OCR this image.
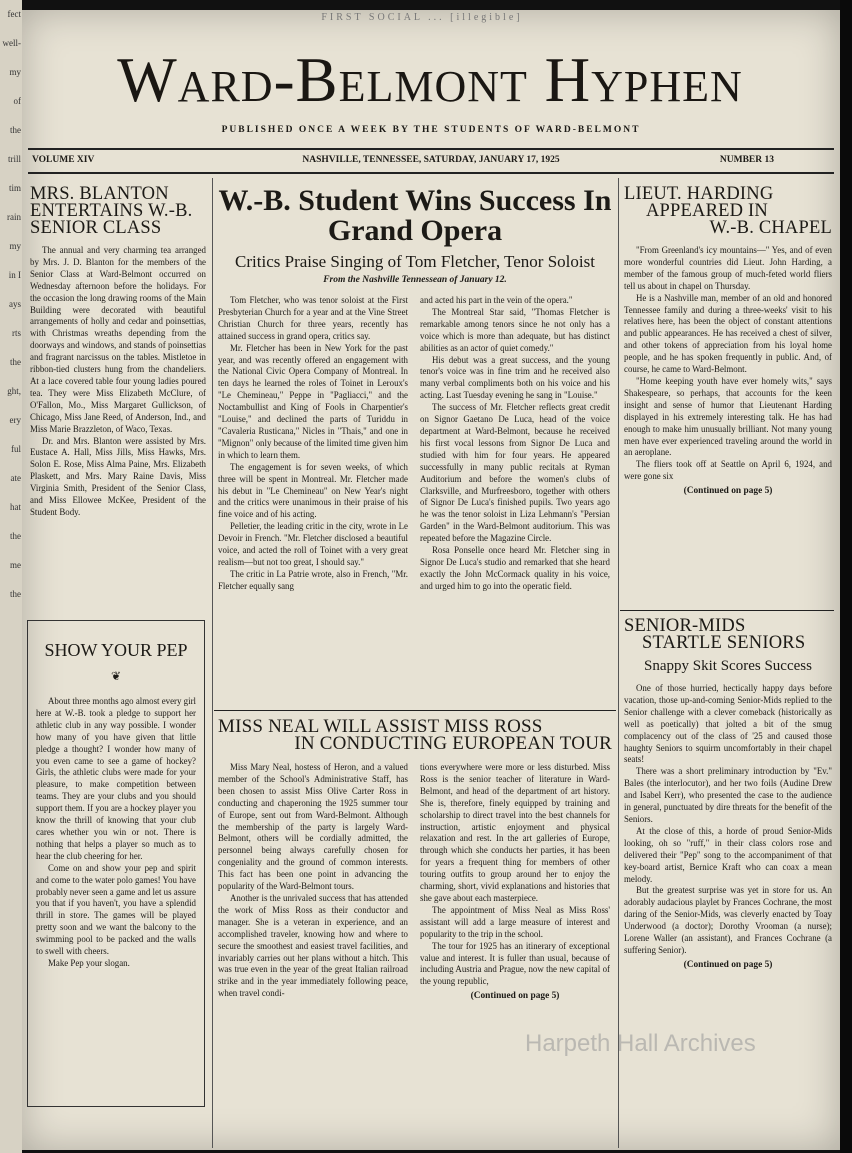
fect
well-
my
of
the
trill
tim
rain
my
in I
ays
rts
the
ght,
ery
ful
ate
hat
the
me
the
FIRST SOCIAL ... [illegible]
Ward-Belmont Hyphen
PUBLISHED ONCE A WEEK BY THE STUDENTS OF WARD-BELMONT
VOLUME XIV	NASHVILLE, TENNESSEE, SATURDAY, JANUARY 17, 1925	NUMBER 13
MRS. BLANTON ENTERTAINS W.-B. SENIOR CLASS

The annual and very charming tea arranged by Mrs. J. D. Blanton for the members of the Senior Class at Ward-Belmont occurred on Wednesday afternoon before the holidays. For the occasion the long drawing rooms of the Main Building were decorated with beautiful arrangements of holly and cedar and poinsettias, with Christmas wreaths depending from the doorways and windows, and stands of poinsettias and fragrant narcissus on the tables. Mistletoe in ribbon-tied clusters hung from the chandeliers. At a lace covered table four young ladies poured tea. They were Miss Elizabeth McClure, of O'Fallon, Mo., Miss Margaret Gullickson, of Chicago, Miss Jane Reed, of Anderson, Ind., and Miss Marie Brazzleton, of Waco, Texas.

Dr. and Mrs. Blanton were assisted by Mrs. Eustace A. Hall, Miss Jills, Miss Hawks, Mrs. Solon E. Rose, Miss Alma Paine, Mrs. Elizabeth Plaskett, and Mrs. Mary Raine Davis, Miss Virginia Smith, President of the Senior Class, and Miss Ellowee McKee, President of the Student Body.

SHOW YOUR PEP
❦

About three months ago almost every girl here at W.-B. took a pledge to support her athletic club in any way possible. I wonder how many of you have given that little pledge a thought? I wonder how many of you even came to see a game of hockey? Girls, the athletic clubs were made for your pleasure, to make competition between teams. They are your clubs and you should support them. If you are a hockey player you know the thrill of knowing that your club cares whether you win or not. There is nothing that helps a player so much as to hear the club cheering for her.

Come on and show your pep and spirit and come to the water polo games! You have probably never seen a game and let us assure you that if you haven't, you have a splendid thrill in store. The games will be played pretty soon and we want the balcony to the swimming pool to be packed and the walls to swell with cheers.

Make Pep your slogan.

W.-B. Student Wins Success In Grand Opera
Critics Praise Singing of Tom Fletcher, Tenor Soloist
From the Nashville Tennessean of January 12.

Tom Fletcher, who was tenor soloist at the First Presbyterian Church for a year and at the Vine Street Christian Church for three years, recently has attained success in grand opera, critics say.

Mr. Fletcher has been in New York for the past year, and was recently offered an engagement with the National Civic Opera Company of Montreal. In ten days he learned the roles of Toinet in Leroux's "Le Chemineau," Peppe in "Pagliacci," and the Noctambullist and King of Fools in Charpentier's "Louise," and declined the parts of Turiddu in "Cavaleria Rusticana," Nicles in "Thais," and one in "Mignon" only because of the limited time given him in which to learn them.

The engagement is for seven weeks, of which three will be spent in Montreal. Mr. Fletcher made his debut in "Le Chemineau" on New Year's night and the critics were unanimous in their praise of his fine voice and of his acting.

Pelletier, the leading critic in the city, wrote in Le Devoir in French. "Mr. Fletcher disclosed a beautiful voice, and acted the roll of Toinet with a very great realism—but not too great, I should say."

The critic in La Patrie wrote, also in French, "Mr. Fletcher equally sang

and acted his part in the vein of the opera."

The Montreal Star said, "Thomas Fletcher is remarkable among tenors since he not only has a voice which is more than adequate, but has distinct abilities as an actor of quiet comedy."

His debut was a great success, and the young tenor's voice was in fine trim and he received also many verbal compliments both on his voice and his acting. Last Tuesday evening he sang in "Louise."

The success of Mr. Fletcher reflects great credit on Signor Gaetano De Luca, head of the voice department at Ward-Belmont, because he received his first vocal lessons from Signor De Luca and studied with him for four years. He appeared successfully in many public recitals at Ryman Auditorium and before the women's clubs of Clarksville, and Murfreesboro, together with others of Signor De Luca's finished pupils. Two years ago he was the tenor soloist in Liza Lehmann's "Persian Garden" in the Ward-Belmont auditorium. This was repeated before the Magazine Circle.

Rosa Ponselle once heard Mr. Fletcher sing in Signor De Luca's studio and remarked that she heard exactly the John McCormack quality in his voice, and urged him to go into the operatic field.

MISS NEAL WILL ASSIST MISS ROSS
IN CONDUCTING EUROPEAN TOUR

Miss Mary Neal, hostess of Heron, and a valued member of the School's Administrative Staff, has been chosen to assist Miss Olive Carter Ross in conducting and chaperoning the 1925 summer tour of Europe, sent out from Ward-Belmont. Although the membership of the party is largely Ward-Belmont, others will be cordially admitted, the personnel being always carefully chosen for congeniality and the ground of common interests. This fact has been one point in advancing the popularity of the Ward-Belmont tours.

Another is the unrivaled success that has attended the work of Miss Ross as their conductor and manager. She is a veteran in experience, and an accomplished traveler, knowing how and where to secure the smoothest and easiest travel facilities, and invariably carries out her plans without a hitch. This was true even in the year of the great Italian railroad strike and in the year immediately following peace, when travel condi-

tions everywhere were more or less disturbed. Miss Ross is the senior teacher of literature in Ward-Belmont, and head of the department of art history. She is, therefore, finely equipped by training and scholarship to direct travel into the best channels for instruction, artistic enjoyment and physical relaxation and rest. In the art galleries of Europe, through which she conducts her parties, it has been for years a frequent thing for members of other touring outfits to group around her to enjoy the charming, short, vivid explanations and histories that she gave about each masterpiece.

The appointment of Miss Neal as Miss Ross' assistant will add a large measure of interest and popularity to the trip in the school.

The tour for 1925 has an itinerary of exceptional value and interest. It is fuller than usual, because of including Austria and Prague, now the new capital of the young republic,

(Continued on page 5)
LIEUT. HARDING
APPEARED IN
W.-B. CHAPEL

"From Greenland's icy mountains—" Yes, and of even more wonderful countries did Lieut. John Harding, a member of the famous group of much-feted world fliers tell us about in chapel on Thursday.

He is a Nashville man, member of an old and honored Tennessee family and during a three-weeks' visit to his relatives here, has been the object of constant attentions and public appearances. He has received a chest of silver, and other tokens of appreciation from his loyal home people, and he has spoken frequently in public. And, of course, he came to Ward-Belmont.

"Home keeping youth have ever homely wits," says Shakespeare, so perhaps, that accounts for the keen insight and sense of humor that Lieutenant Harding displayed in his extremely interesting talk. He has had enough to make him unusually brilliant. Not many young men have ever experienced traveling around the world in an aeroplane.

The fliers took off at Seattle on April 6, 1924, and were gone six

(Continued on page 5)
SENIOR-MIDS
STARTLE SENIORS
Snappy Skit Scores Success

One of those hurried, hectically happy days before vacation, those up-and-coming Senior-Mids replied to the Senior challenge with a clever comeback (historically as well as poetically) that jolted a bit of the smug complacency out of the class of '25 and caused those haughty Seniors to squirm uncomfortably in their chapel seats!

There was a short preliminary introduction by "Ev." Bales (the interlocutor), and her two foils (Audine Drew and Isabel Kerr), who presented the case to the audience in general, punctuated by dire threats for the benefit of the Seniors.

At the close of this, a horde of proud Senior-Mids looking, oh so "ruff," in their class colors rose and delivered their "Pep" song to the accompaniment of that key-board artist, Bernice Kraft who can coax a mean melody.

But the greatest surprise was yet in store for us. An adorably audacious playlet by Frances Cochrane, the most daring of the Senior-Mids, was cleverly enacted by Toay Underwood (a doctor); Dorothy Vrooman (a nurse); Lorene Waller (an assistant), and Frances Cochrane (a suffering Senior).

(Continued on page 5)
Harpeth Hall Archives
